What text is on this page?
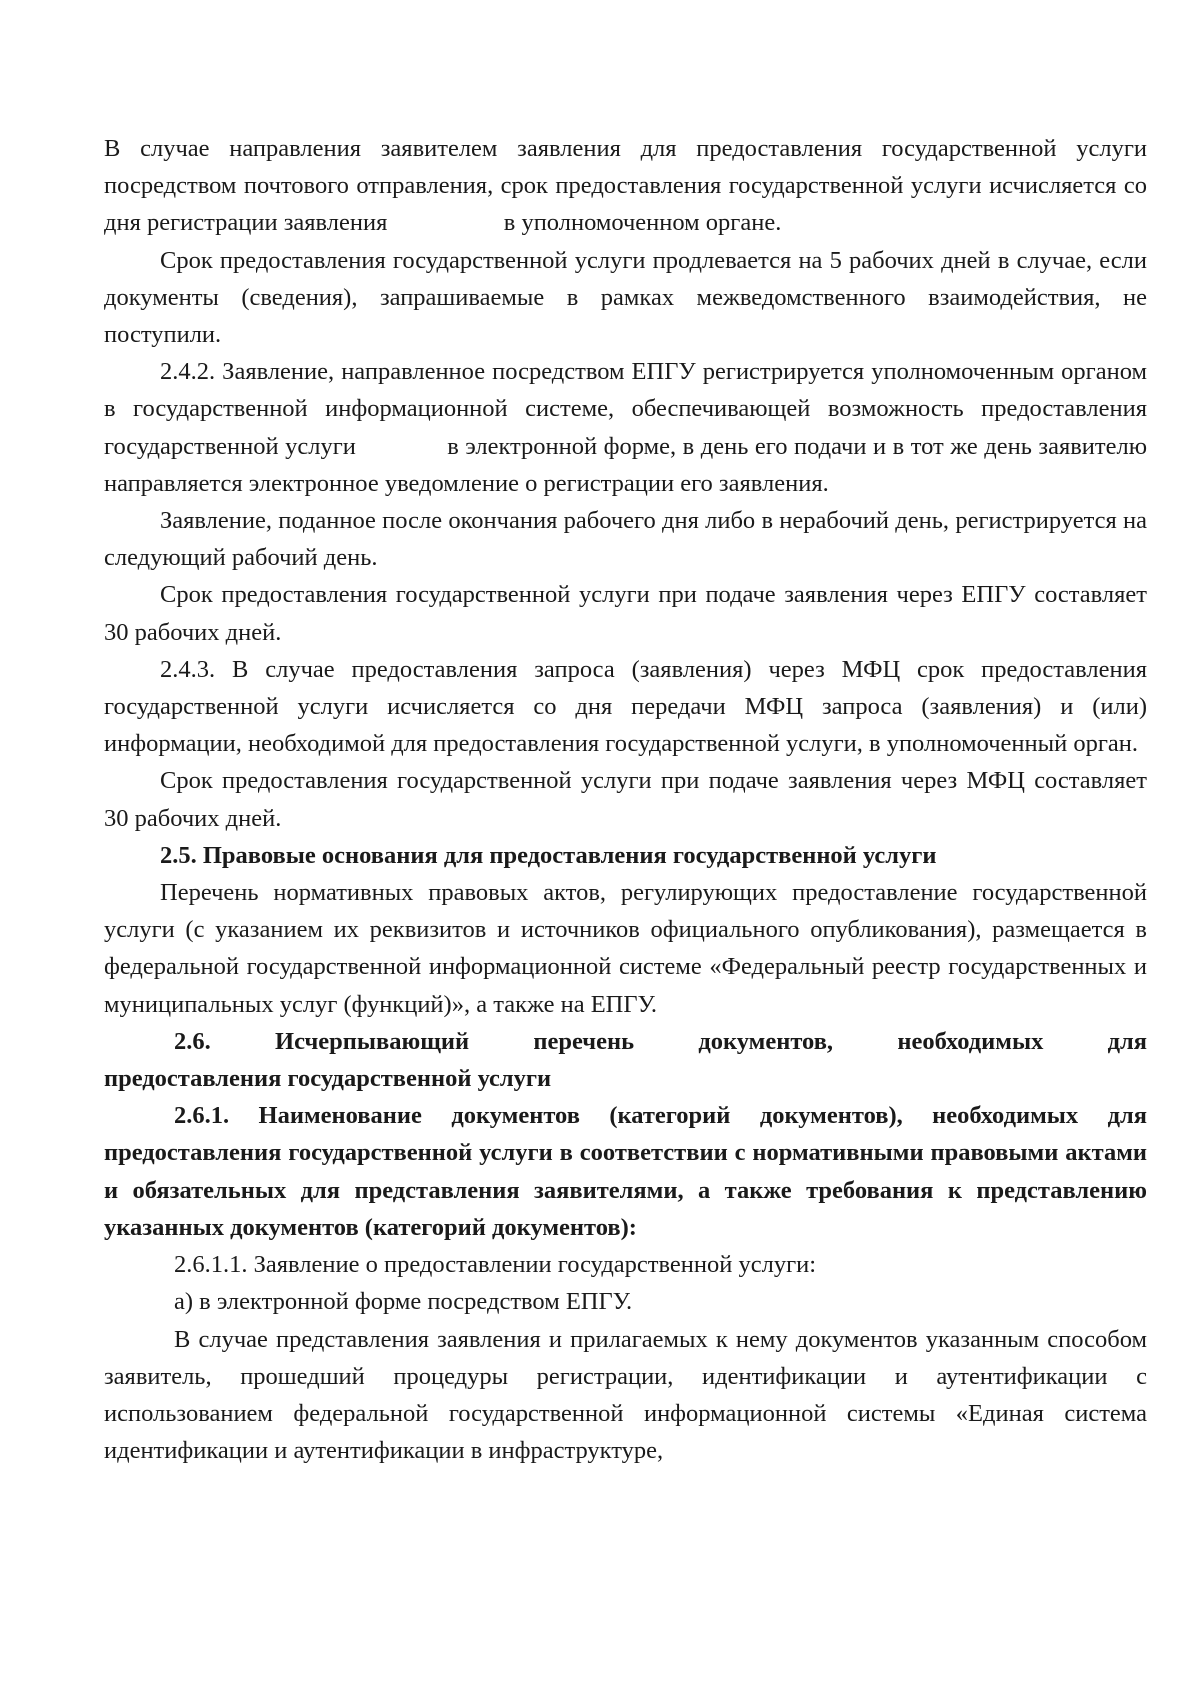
В случае направления заявителем заявления для предоставления государственной услуги посредством почтового отправления, срок предоставления государственной услуги исчисляется со дня регистрации заявления                   в уполномоченном органе.

Срок предоставления государственной услуги продлевается на 5 рабочих дней в случае, если документы (сведения), запрашиваемые в рамках межведомственного взаимодействия, не поступили.

2.4.2. Заявление, направленное посредством ЕПГУ регистрируется уполномоченным органом в государственной информационной системе, обеспечивающей возможность предоставления государственной услуги              в электронной форме, в день его подачи и в тот же день заявителю направляется электронное уведомление о регистрации его заявления.

Заявление, поданное после окончания рабочего дня либо в нерабочий день, регистрируется на следующий рабочий день.

Срок предоставления государственной услуги при подаче заявления через ЕПГУ составляет 30 рабочих дней.

2.4.3. В случае предоставления запроса (заявления) через МФЦ срок предоставления государственной услуги исчисляется со дня передачи МФЦ запроса (заявления) и (или) информации, необходимой для предоставления государственной услуги, в уполномоченный орган.

Срок предоставления государственной услуги при подаче заявления через МФЦ составляет 30 рабочих дней.

2.5. Правовые основания для предоставления государственной услуги

Перечень нормативных правовых актов, регулирующих предоставление государственной услуги (с указанием их реквизитов и источников официального опубликования), размещается в федеральной государственной информационной системе «Федеральный реестр государственных и муниципальных услуг (функций)», а также на ЕПГУ.

2.6. Исчерпывающий перечень документов, необходимых для

предоставления государственной услуги

2.6.1. Наименование документов (категорий документов), необходимых для предоставления государственной услуги в соответствии с нормативными правовыми актами и обязательных для представления заявителями, а также требования к представлению указанных документов (категорий документов):

2.6.1.1. Заявление о предоставлении государственной услуги:

а) в электронной форме посредством ЕПГУ.

В случае представления заявления и прилагаемых к нему документов указанным способом заявитель, прошедший процедуры регистрации, идентификации и аутентификации с использованием федеральной государственной информационной системы «Единая система идентификации и аутентификации в инфраструктуре,
